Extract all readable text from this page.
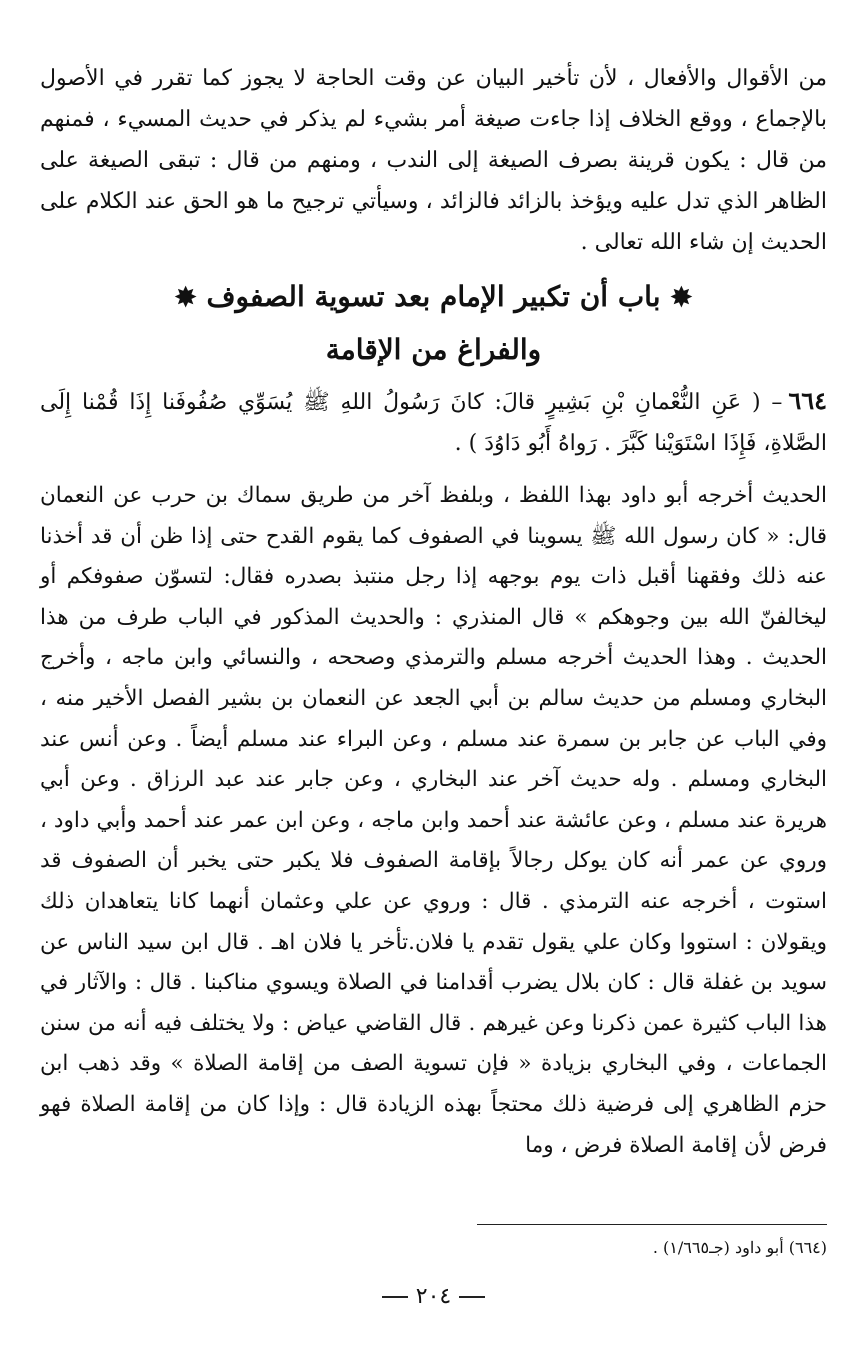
من الأقوال والأفعال ، لأن تأخير البيان عن وقت الحاجة لا يجوز كما تقرر في الأصول بالإجماع ، ووقع الخلاف إذا جاءت صيغة أمر بشيء لم يذكر في حديث المسيء ، فمنهم من قال : يكون قرينة بصرف الصيغة إلى الندب ، ومنهم من قال : تبقى الصيغة على الظاهر الذي تدل عليه ويؤخذ بالزائد فالزائد ، وسيأتي ترجيح ما هو الحق عند الكلام على الحديث إن شاء الله تعالى .

✸باب أن تكبير الإمام بعد تسوية الصفوف✸
والفراغ من الإقامة

٦٦٤– ( عَنِ النُّعْمانِ بْنِ بَشِيرٍ قالَ: كانَ رَسُولُ اللهِ ﷺ يُسَوِّي صُفُوفَنا إِذَا قُمْنا إِلَى الصَّلاةِ، فَإِذَا اسْتَوَيْنا كَبَّرَ . رَواهُ أَبُو دَاوُدَ ) .

الحديث أخرجه أبو داود بهذا اللفظ ، وبلفظ آخر من طريق سماك بن حرب عن النعمان قال: « كان رسول الله ﷺ يسوينا في الصفوف كما يقوم القدح حتى إذا ظن أن قد أخذنا عنه ذلك وفقهنا أقبل ذات يوم بوجهه إذا رجل منتبذ بصدره فقال: لتسوّن صفوفكم أو ليخالفنّ الله بين وجوهكم » قال المنذري : والحديث المذكور في الباب طرف من هذا الحديث . وهذا الحديث أخرجه مسلم والترمذي وصححه ، والنسائي وابن ماجه ، وأخرج البخاري ومسلم من حديث سالم بن أبي الجعد عن النعمان بن بشير الفصل الأخير منه ، وفي الباب عن جابر بن سمرة عند مسلم ، وعن البراء عند مسلم أيضاً . وعن أنس عند البخاري ومسلم . وله حديث آخر عند البخاري ، وعن جابر عند عبد الرزاق . وعن أبي هريرة عند مسلم ، وعن عائشة عند أحمد وابن ماجه ، وعن ابن عمر عند أحمد وأبي داود ، وروي عن عمر أنه كان يوكل رجالاً بإقامة الصفوف فلا يكبر حتى يخبر أن الصفوف قد استوت ، أخرجه عنه الترمذي . قال : وروي عن علي وعثمان أنهما كانا يتعاهدان ذلك ويقولان : استووا وكان علي يقول تقدم يا فلان.تأخر يا فلان اهـ . قال ابن سيد الناس عن سويد بن غفلة قال : كان بلال يضرب أقدامنا في الصلاة ويسوي مناكبنا . قال : والآثار في هذا الباب كثيرة عمن ذكرنا وعن غيرهم . قال القاضي عياض : ولا يختلف فيه أنه من سنن الجماعات ، وفي البخاري بزيادة « فإن تسوية الصف من إقامة الصلاة » وقد ذهب ابن حزم الظاهري إلى فرضية ذلك محتجاً بهذه الزيادة قال : وإذا كان من إقامة الصلاة فهو فرض لأن إقامة الصلاة فرض ، وما

(٦٦٤) أبو داود (جـ١/٦٦٥) .
٢٠٤
